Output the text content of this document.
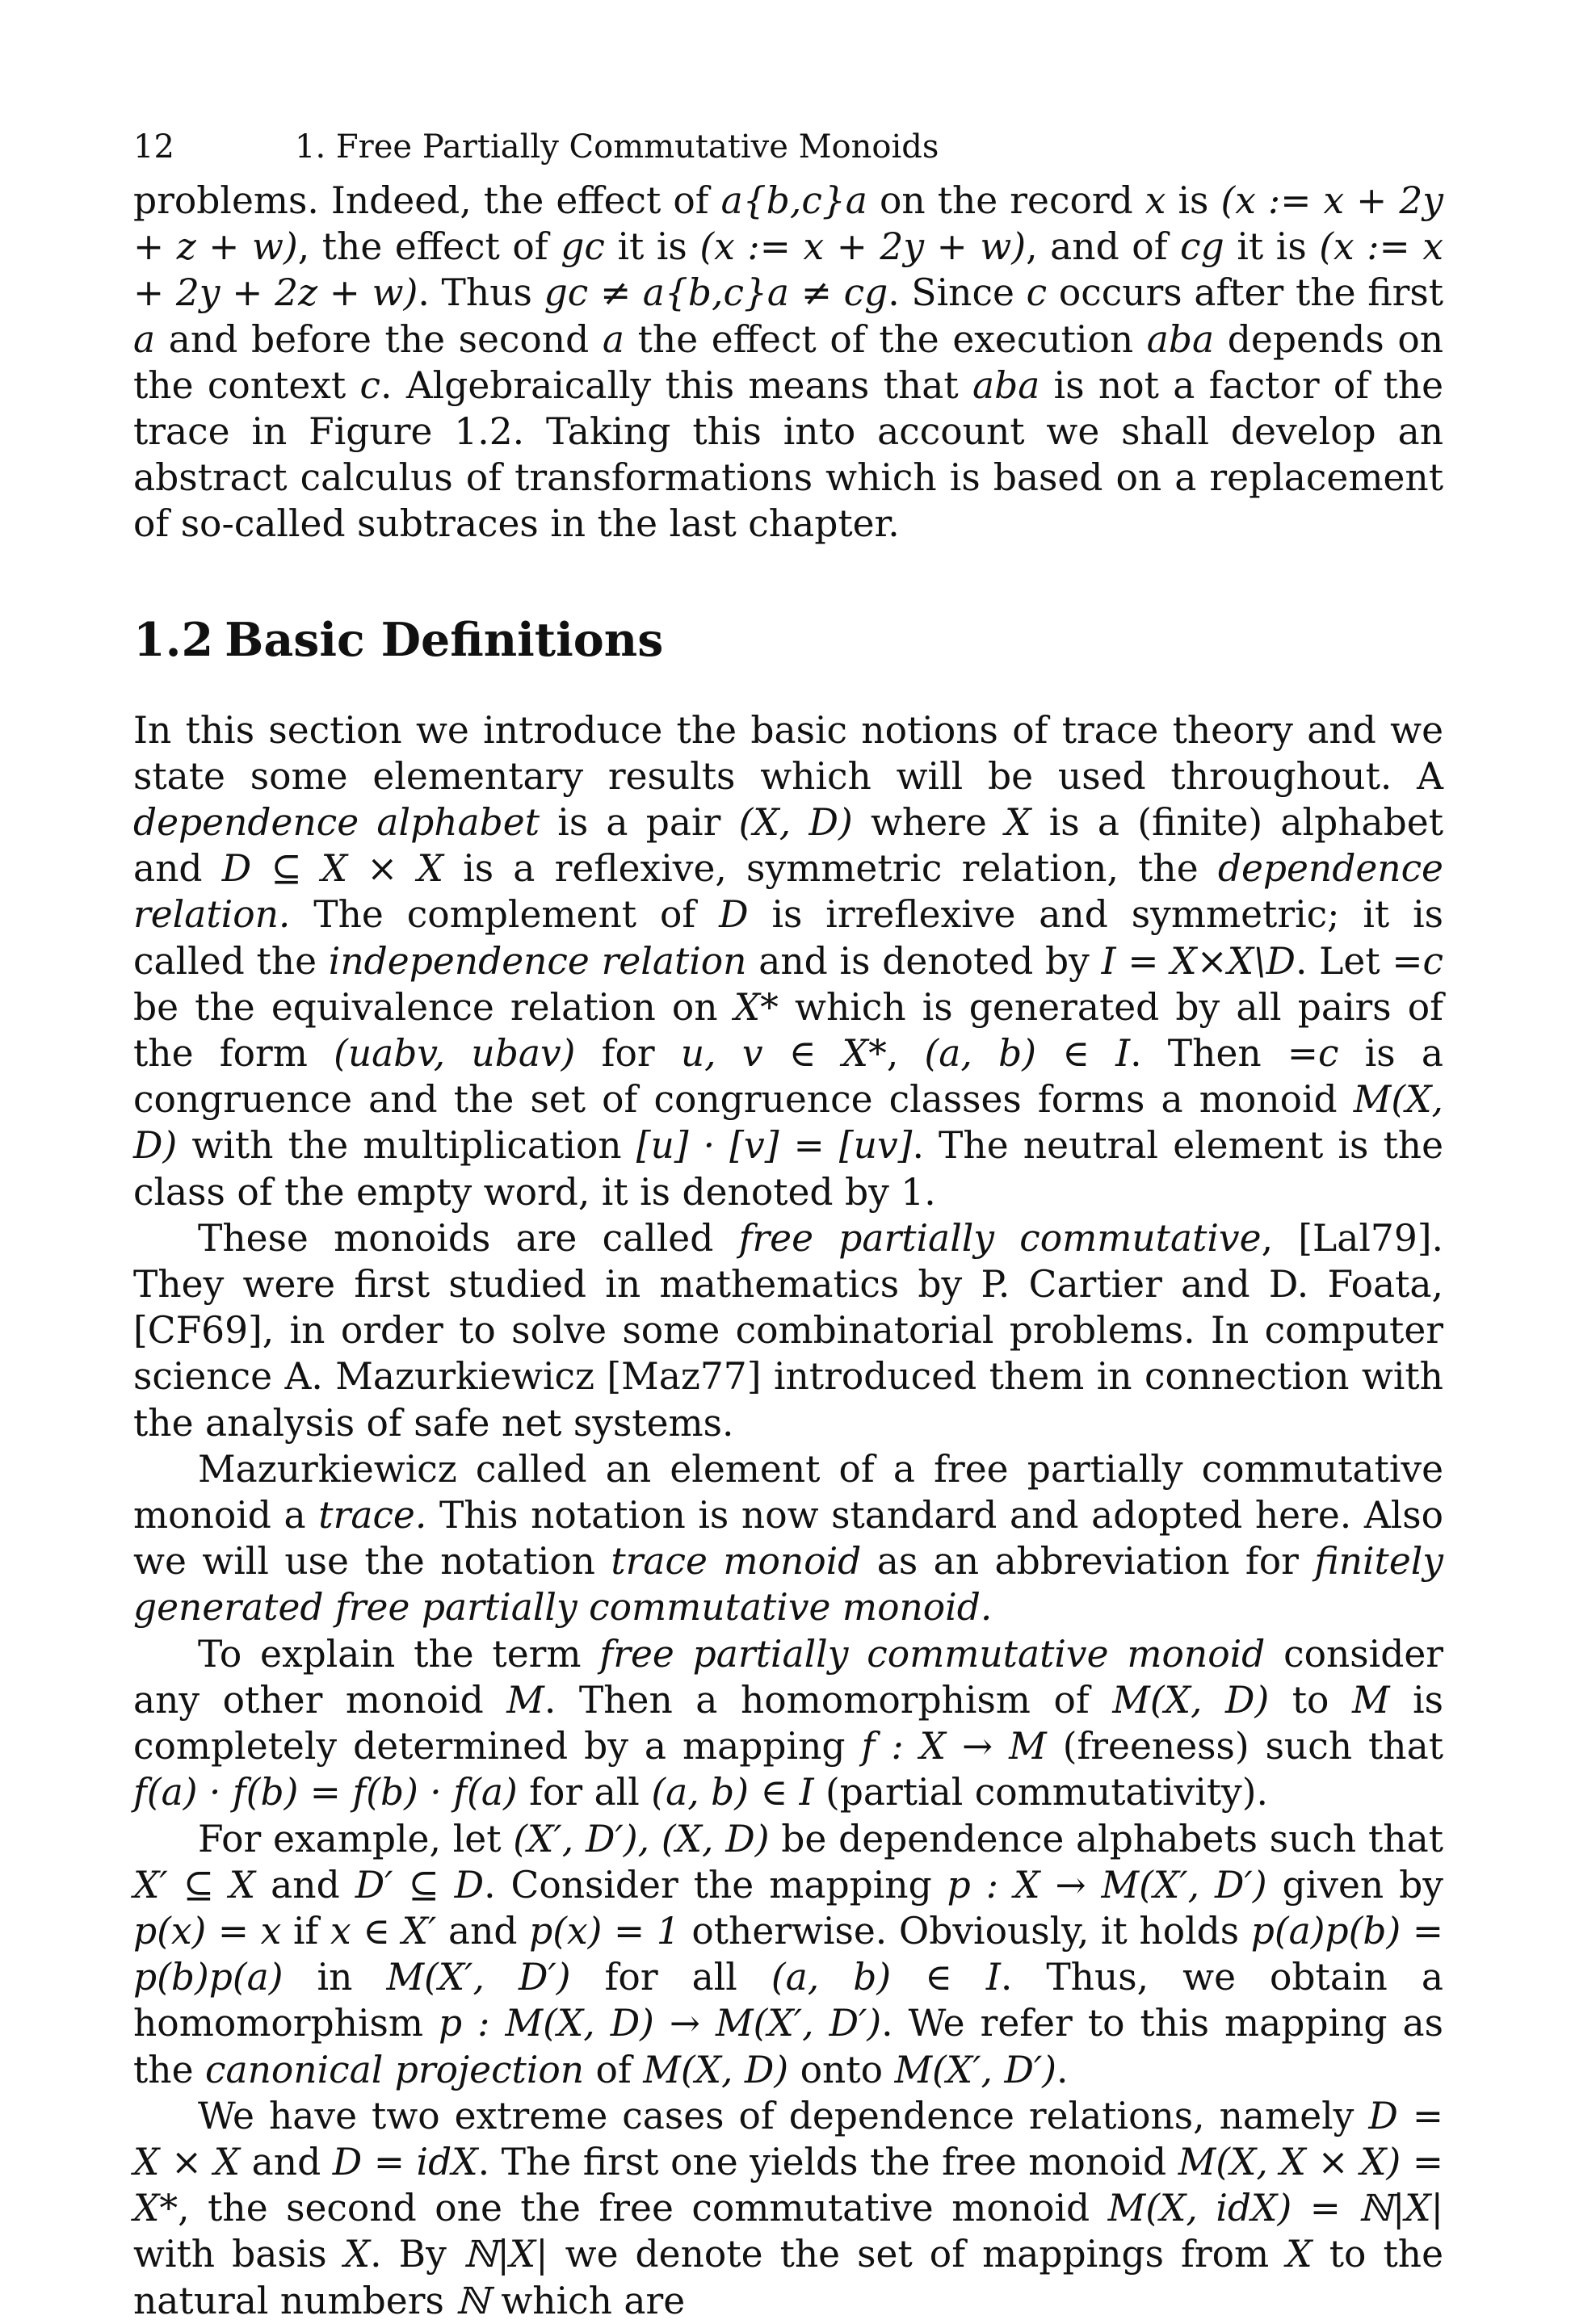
12	1. Free Partially Commutative Monoids

problems. Indeed, the effect of a{b,c}a on the record x is (x := x + 2y + z + w), the effect of gc it is (x := x + 2y + w), and of cg it is (x := x + 2y + 2z + w). Thus gc ≠ a{b,c}a ≠ cg. Since c occurs after the first a and before the second a the effect of the execution aba depends on the context c. Algebraically this means that aba is not a factor of the trace in Figure 1.2. Taking this into account we shall develop an abstract calculus of transformations which is based on a replacement of so-called subtraces in the last chapter.

1.2 Basic Definitions

In this section we introduce the basic notions of trace theory and we state some elementary results which will be used throughout. A dependence alphabet is a pair (X, D) where X is a (finite) alphabet and D ⊆ X × X is a reflexive, symmetric relation, the dependence relation. The complement of D is irreflexive and symmetric; it is called the independence relation and is denoted by I = X×X\D. Let =c be the equivalence relation on X* which is generated by all pairs of the form (uabv, ubav) for u, v ∈ X*, (a, b) ∈ I. Then =c is a congruence and the set of congruence classes forms a monoid M(X, D) with the multiplication [u] · [v] = [uv]. The neutral element is the class of the empty word, it is denoted by 1.

These monoids are called free partially commutative, [Lal79]. They were first studied in mathematics by P. Cartier and D. Foata, [CF69], in order to solve some combinatorial problems. In computer science A. Mazurkiewicz [Maz77] introduced them in connection with the analysis of safe net systems.

Mazurkiewicz called an element of a free partially commutative monoid a trace. This notation is now standard and adopted here. Also we will use the notation trace monoid as an abbreviation for finitely generated free partially commutative monoid.

To explain the term free partially commutative monoid consider any other monoid M. Then a homomorphism of M(X, D) to M is completely determined by a mapping f : X → M (freeness) such that f(a) · f(b) = f(b) · f(a) for all (a, b) ∈ I (partial commutativity).

For example, let (X′, D′), (X, D) be dependence alphabets such that X′ ⊆ X and D′ ⊆ D. Consider the mapping p : X → M(X′, D′) given by p(x) = x if x ∈ X′ and p(x) = 1 otherwise. Obviously, it holds p(a)p(b) = p(b)p(a) in M(X′, D′) for all (a, b) ∈ I. Thus, we obtain a homomorphism p : M(X, D) → M(X′, D′). We refer to this mapping as the canonical projection of M(X, D) onto M(X′, D′).

We have two extreme cases of dependence relations, namely D = X × X and D = idX. The first one yields the free monoid M(X, X × X) = X*, the second one the free commutative monoid M(X, idX) = ℕ|X| with basis X. By ℕ|X| we denote the set of mappings from X to the natural numbers ℕ which are
